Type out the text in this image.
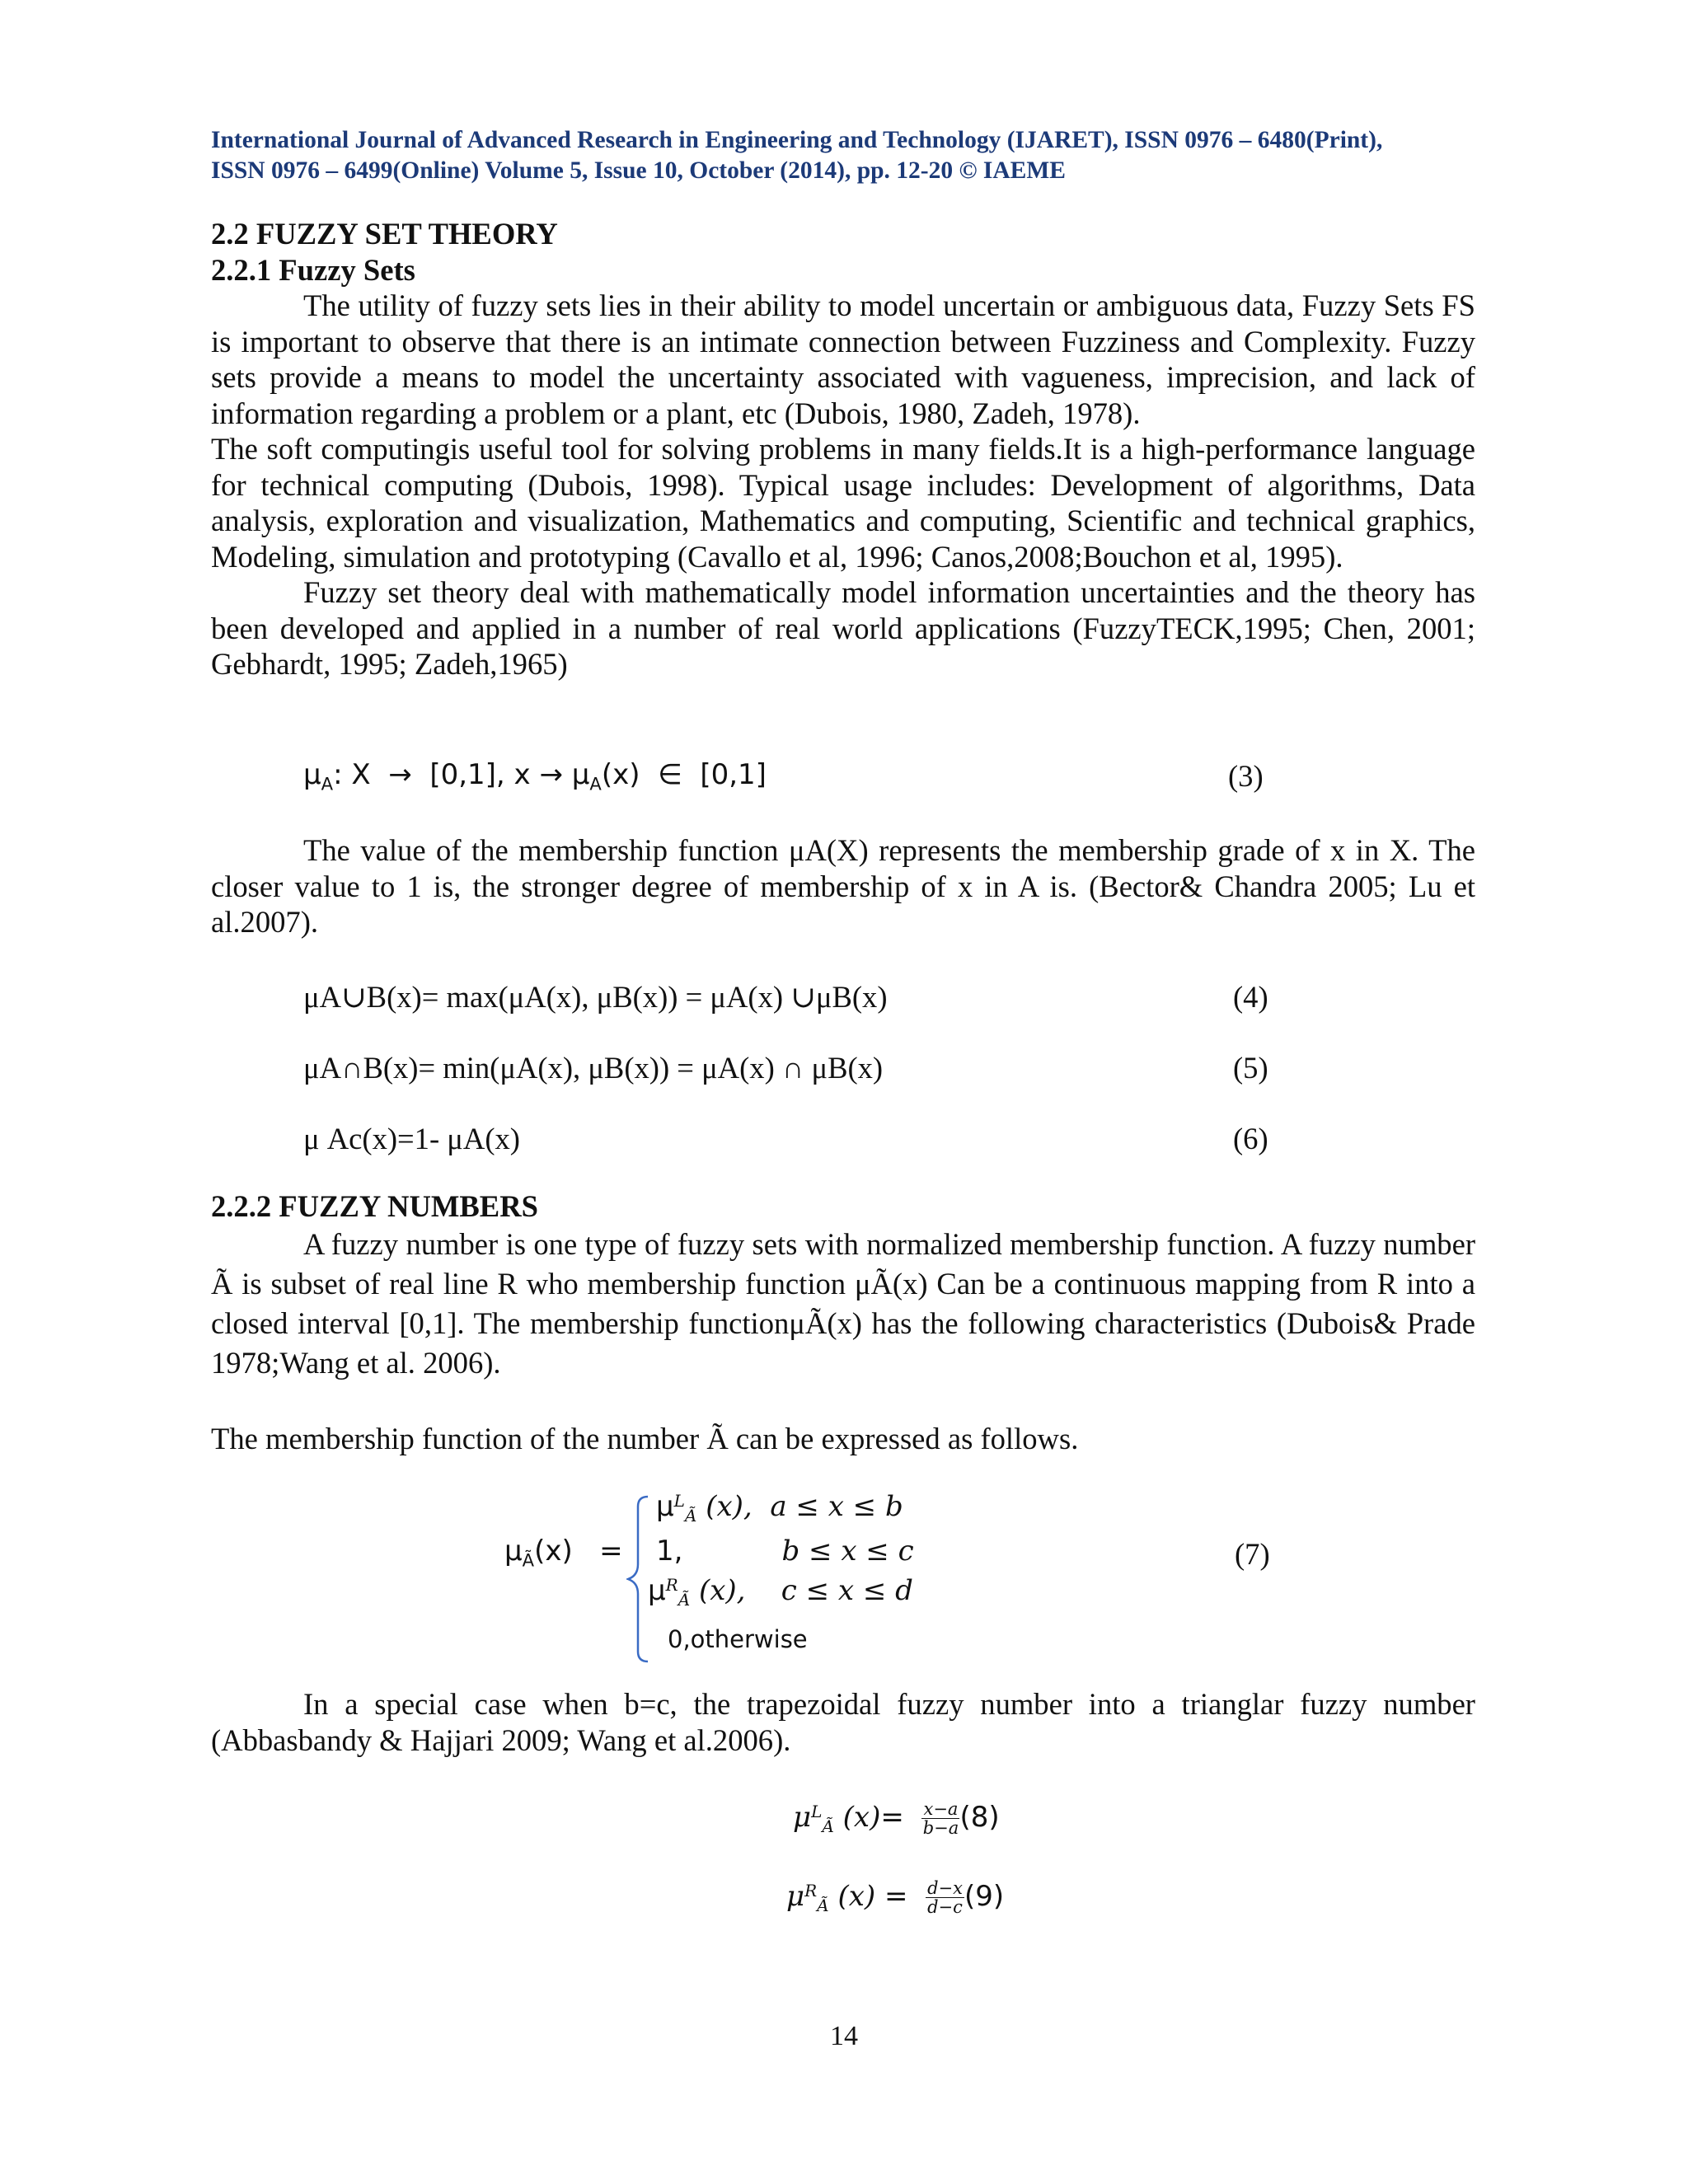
International Journal of Advanced Research in Engineering and Technology (IJARET), ISSN 0976 – 6480(Print),
ISSN 0976 – 6499(Online) Volume 5, Issue 10, October (2014), pp. 12-20 © IAEME
2.2 FUZZY SET THEORY
2.2.1 Fuzzy Sets

The utility of fuzzy sets lies in their ability to model uncertain or ambiguous data, Fuzzy Sets FS is important to observe that there is an intimate connection between Fuzziness and Complexity. Fuzzy sets provide a means to model the uncertainty associated with vagueness, imprecision, and lack of information regarding a problem or a plant, etc (Dubois, 1980, Zadeh, 1978).

The soft computingis useful tool for solving problems in many fields.It is a high-performance language for technical computing (Dubois, 1998). Typical usage includes: Development of algorithms, Data analysis, exploration and visualization, Mathematics and computing, Scientific and technical graphics, Modeling, simulation and prototyping (Cavallo et al, 1996; Canos,2008;Bouchon et al, 1995).

Fuzzy set theory deal with mathematically model information uncertainties and the theory has been developed and applied in a number of real world applications (FuzzyTECK,1995; Chen, 2001; Gebhardt, 1995; Zadeh,1965)

$\mu_A$: X  →  [0,1], $x \to \mu_A(x)$  ∈  [0,1]	(3)

The value of the membership function μA(X) represents the membership grade of x in X. The closer value to 1 is, the stronger degree of membership of x in A is. (Bector& Chandra 2005; Lu et al.2007).

μA∪B(x)= max(μA(x), μB(x)) = μA(x) ∪μB(x)	(4)
μA∩B(x)= min(μA(x), μB(x)) = μA(x) ∩ μB(x)	(5)
μ Ac(x)=1- μA(x)	(6)
2.2.2 FUZZY NUMBERS

A fuzzy number is one type of fuzzy sets with normalized membership function. A fuzzy number Ã is subset of real line R who membership function μÃ(x) Can be a continuous mapping from R into a closed interval [0,1]. The membership functionμÃ(x) has the following characteristics (Dubois& Prade 1978;Wang et al. 2006).

The membership function of the number Ã can be expressed as follows.

$\mu_Ã(x)$   =
$\mu^L_Ã$ (x), a ≤ x ≤ b
1,	b ≤ x ≤ c
$\mu^R_Ã$ (x), c ≤ x ≤ d
0,otherwise
(7)

In a special case when b=c, the trapezoidal fuzzy number into a trianglar fuzzy number (Abbasbandy & Hajjari 2009; Wang et al.2006).

$\mu^L_Ã$ $(x)= \frac{x-a}{b-a} (8)$
$\mu^R_Ã$ $(x) = \frac{d-x}{d-c} (9)$
14
